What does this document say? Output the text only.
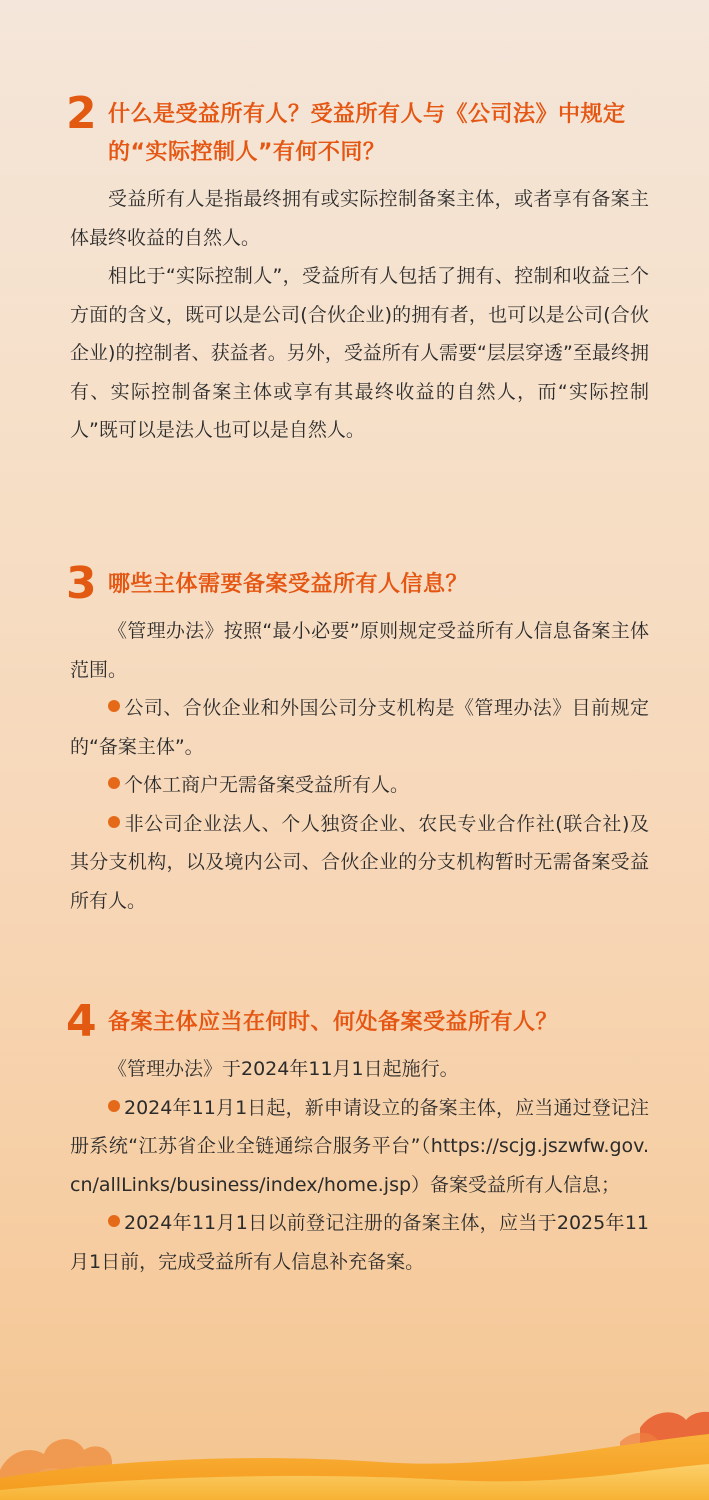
2 什么是受益所有人？受益所有人与《公司法》中规定的“实际控制人”有何不同？

受益所有人是指最终拥有或实际控制备案主体，或者享有备案主体最终收益的自然人。

相比于“实际控制人”，受益所有人包括了拥有、控制和收益三个方面的含义，既可以是公司(合伙企业)的拥有者，也可以是公司(合伙企业)的控制者、获益者。另外，受益所有人需要“层层穿透”至最终拥有、实际控制备案主体或享有其最终收益的自然人，而“实际控制人”既可以是法人也可以是自然人。

3 哪些主体需要备案受益所有人信息？

《管理办法》按照“最小必要”原则规定受益所有人信息备案主体范围。

公司、合伙企业和外国公司分支机构是《管理办法》目前规定的“备案主体”。

个体工商户无需备案受益所有人。

非公司企业法人、个人独资企业、农民专业合作社(联合社)及其分支机构，以及境内公司、合伙企业的分支机构暂时无需备案受益所有人。

4 备案主体应当在何时、何处备案受益所有人？

《管理办法》于2024年11月1日起施行。

2024年11月1日起，新申请设立的备案主体，应当通过登记注册系统“江苏省企业全链通综合服务平台”（https://scjg.jszwfw.gov.cn/allLinks/business/index/home.jsp）备案受益所有人信息；

2024年11月1日以前登记注册的备案主体，应当于2025年11月1日前，完成受益所有人信息补充备案。
